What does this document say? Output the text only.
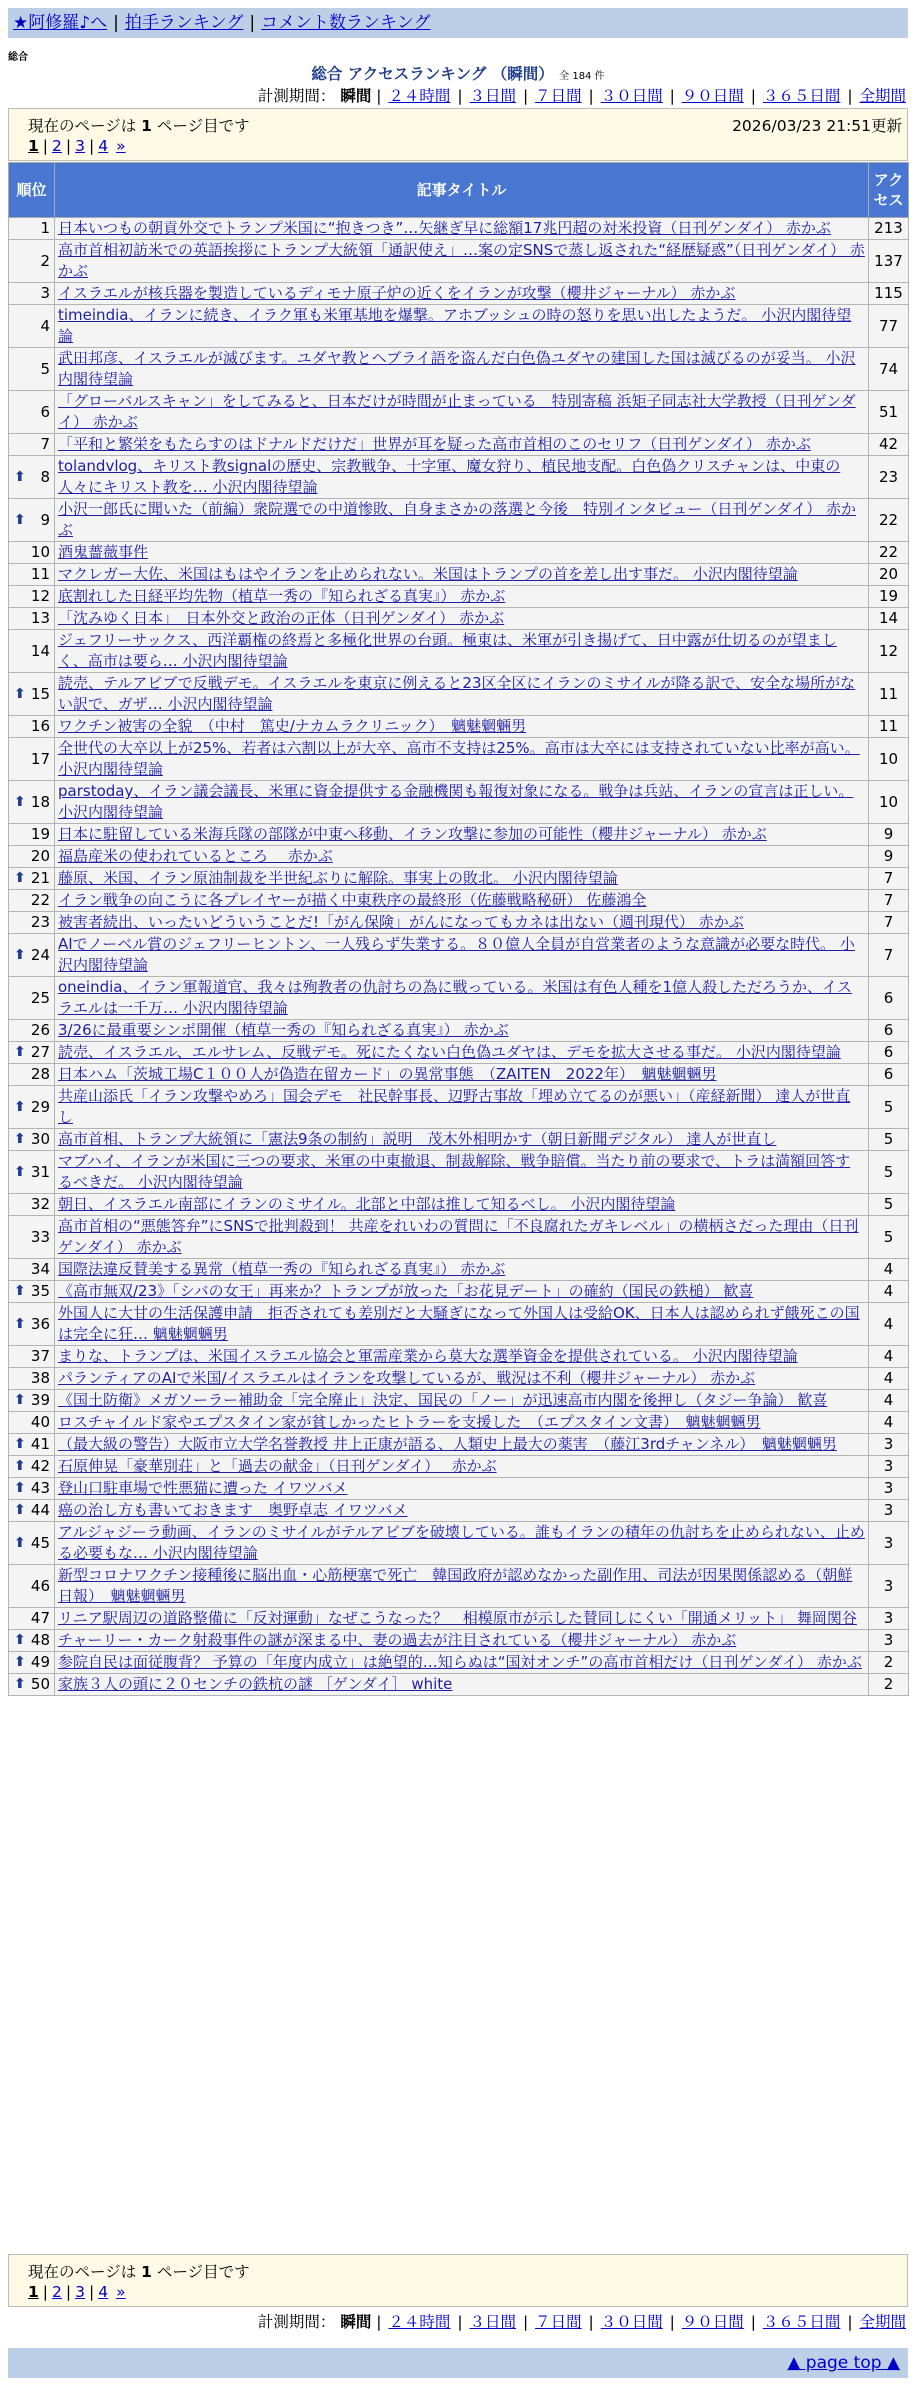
★阿修羅♪へ | 拍手ランキング | コメント数ランキング
総合
総合 アクセスランキング （瞬間） 全 184 件
計測期間： 瞬間 | ２４時間 | ３日間 | ７日間 | ３０日間 | ９０日間 | ３６５日間 | 全期間
現在のページは 1 ページ目です	2026/03/23 21:51更新
1 | 2 | 3 | 4 »
順位	記事タイトル	アクセス
1	日本いつもの朝貢外交でトランプ米国に“抱きつき”…矢継ぎ早に総額17兆円超の対米投資（日刊ゲンダイ） 赤かぶ	213
2	高市首相初訪米での英語挨拶にトランプ大統領「通訳使え」…案の定SNSで蒸し返された“経歴疑惑”（日刊ゲンダイ） 赤かぶ	137
3	イスラエルが核兵器を製造しているディモナ原子炉の近くをイランが攻撃（櫻井ジャーナル） 赤かぶ	115
4	timeindia、イランに続き、イラク軍も米軍基地を爆撃。アホブッシュの時の怒りを思い出したようだ。 小沢内閣待望論	77
5	武田邦彦、イスラエルが滅びます。ユダヤ教とヘブライ語を盗んだ白色偽ユダヤの建国した国は滅びるのが妥当。 小沢内閣待望論	74
6	「グローバルスキャン」をしてみると、日本だけが時間が止まっている　特別寄稿 浜矩子同志社大学教授（日刊ゲンダイ） 赤かぶ	51
7	「平和と繁栄をもたらすのはドナルドだけだ」世界が耳を疑った高市首相のこのセリフ（日刊ゲンダイ） 赤かぶ	42

⬆ 8	tolandvlog、キリスト教signalの歴史、宗教戦争、十字軍、魔女狩り、植民地支配。白色偽クリスチャンは、中東の人々にキリスト教を… 小沢内閣待望論	23

⬆ 9	小沢一郎氏に聞いた（前編）衆院選での中道惨敗、自身まさかの落選と今後　特別インタビュー（日刊ゲンダイ） 赤かぶ	22
10	酒鬼薔薇事件	22
11	マクレガー大佐、米国はもはやイランを止められない。米国はトランプの首を差し出す事だ。 小沢内閣待望論	20
12	底割れした日経平均先物（植草一秀の『知られざる真実』） 赤かぶ	19
13	「沈みゆく日本」　日本外交と政治の正体（日刊ゲンダイ） 赤かぶ	14
14	ジェフリーサックス、西洋覇権の終焉と多極化世界の台頭。極東は、米軍が引き揚げて、日中露が仕切るのが望ましく、高市は要ら… 小沢内閣待望論	12

⬆ 15	読売、テルアビブで反戦デモ。イスラエルを東京に例えると23区全区にイランのミサイルが降る訳で、安全な場所がない訳で、ガザ… 小沢内閣待望論	11
16	ワクチン被害の全貌　（中村　篤史/ナカムラクリニック）　魑魅魍魎男	11
17	全世代の大卒以上が25%、若者は六割以上が大卒、高市不支持は25%。高市は大卒には支持されていない比率が高い。 小沢内閣待望論	10

⬆ 18	parstoday、イラン議会議長、米軍に資金提供する金融機関も報復対象になる。戦争は兵站、イランの宣言は正しい。 小沢内閣待望論	10
19	日本に駐留している米海兵隊の部隊が中東へ移動、イラン攻撃に参加の可能性（櫻井ジャーナル） 赤かぶ	9
20	福島産米の使われているところ　 赤かぶ	9

⬆ 21	藤原、米国、イラン原油制裁を半世紀ぶりに解除。事実上の敗北。 小沢内閣待望論	7
22	イラン戦争の向こうに各プレイヤーが描く中東秩序の最終形（佐藤戦略秘研） 佐藤鴻全	7
23	被害者続出、いったいどういうことだ!「がん保険」がんになってもカネは出ない（週刊現代） 赤かぶ	7

⬆ 24	AIでノーベル賞のジェフリーヒントン、一人残らず失業する。８０億人全員が自営業者のような意識が必要な時代。 小沢内閣待望論	7
25	oneindia、イラン軍報道官、我々は殉教者の仇討ちの為に戦っている。米国は有色人種を1億人殺しただろうか、イスラエルは一千万… 小沢内閣待望論	6
26	3/26に最重要シンポ開催（植草一秀の『知られざる真実』） 赤かぶ	6

⬆ 27	読売、イスラエル、エルサレム、反戦デモ。死にたくない白色偽ユダヤは、デモを拡大させる事だ。 小沢内閣待望論	6
28	日本ハム「茨城工場C１００人が偽造在留カード」の異常事態　（ZAITEN　2022年）　魑魅魍魎男	6

⬆ 29	共産山添氏「イラン攻撃やめろ」国会デモ　社民幹事長、辺野古事故「埋め立てるのが悪い」（産経新聞） 達人が世直し	5

⬆ 30	高市首相、トランプ大統領に「憲法9条の制約」説明　茂木外相明かす（朝日新聞デジタル） 達人が世直し	5

⬆ 31	マブハイ、イランが米国に三つの要求、米軍の中東撤退、制裁解除、戦争賠償。当たり前の要求で、トラは満額回答するべきだ。 小沢内閣待望論	5
32	朝日、イスラエル南部にイランのミサイル。北部と中部は推して知るべし。 小沢内閣待望論	5
33	高市首相の“悪態答弁”にSNSで批判殺到！ 共産をれいわの質問に「不良腐れたガキレベル」の横柄さだった理由（日刊ゲンダイ） 赤かぶ	5
34	国際法違反賛美する異常（植草一秀の『知られざる真実』） 赤かぶ	4

⬆ 35	《高市無双/23》「シバの女王」再来か？トランプが放った「お花見デート」の確約（国民の鉄槌） 歓喜	4

⬆ 36	外国人に大甘の生活保護申請　拒否されても差別だと大騒ぎになって外国人は受給OK、日本人は認められず餓死この国は完全に狂… 魑魅魍魎男	4
37	まりな、トランプは、米国イスラエル協会と軍需産業から莫大な選挙資金を提供されている。 小沢内閣待望論	4
38	パランティアのAIで米国/イスラエルはイランを攻撃しているが、戦況は不利（櫻井ジャーナル） 赤かぶ	4

⬆ 39	《国土防衛》メガソーラー補助金「完全廃止」決定、国民の「ノー」が迅速高市内閣を後押し（タジー争論） 歓喜	4
40	ロスチャイルド家やエプスタイン家が貧しかったヒトラーを支援した　（エプスタイン文書）　魑魅魍魎男	4

⬆ 41	（最大級の警告）大阪市立大学名誉教授 井上正康が語る、人類史上最大の薬害　（藤江3rdチャンネル）　魑魅魍魎男	3

⬆ 42	石原伸晃「豪華別荘」と「過去の献金」（日刊ゲンダイ）　 赤かぶ	3

⬆ 43	登山口駐車場で性悪猫に遭った イワツバメ	3

⬆ 44	癌の治し方も書いておきます　奥野卓志 イワツバメ	3

⬆ 45	アルジャジーラ動画、イランのミサイルがテルアビブを破壊している。誰もイランの積年の仇討ちを止められない、止める必要もな… 小沢内閣待望論	3
46	新型コロナワクチン接種後に脳出血・心筋梗塞で死亡　韓国政府が認めなかった副作用、司法が因果関係認める（朝鮮日報）　魑魅魍魎男	3
47	リニア駅周辺の道路整備に「反対運動」なぜこうなった？　相模原市が示した賛同しにくい「開通メリット」 舞岡関谷	3

⬆ 48	チャーリー・カーク射殺事件の謎が深まる中、妻の過去が注目されている（櫻井ジャーナル） 赤かぶ	3

⬆ 49	参院自民は面従腹背？ 予算の「年度内成立」は絶望的…知らぬは“国対オンチ”の高市首相だけ（日刊ゲンダイ） 赤かぶ	2

⬆ 50	家族３人の頭に２０センチの鉄杭の謎 ［ゲンダイ］ white	2
計測期間： 瞬間 | ２４時間 | ３日間 | ７日間 | ３０日間 | ９０日間 | ３６５日間 | 全期間
現在のページは 1 ページ目です
1 | 2 | 3 | 4 »
▲ page top ▲
